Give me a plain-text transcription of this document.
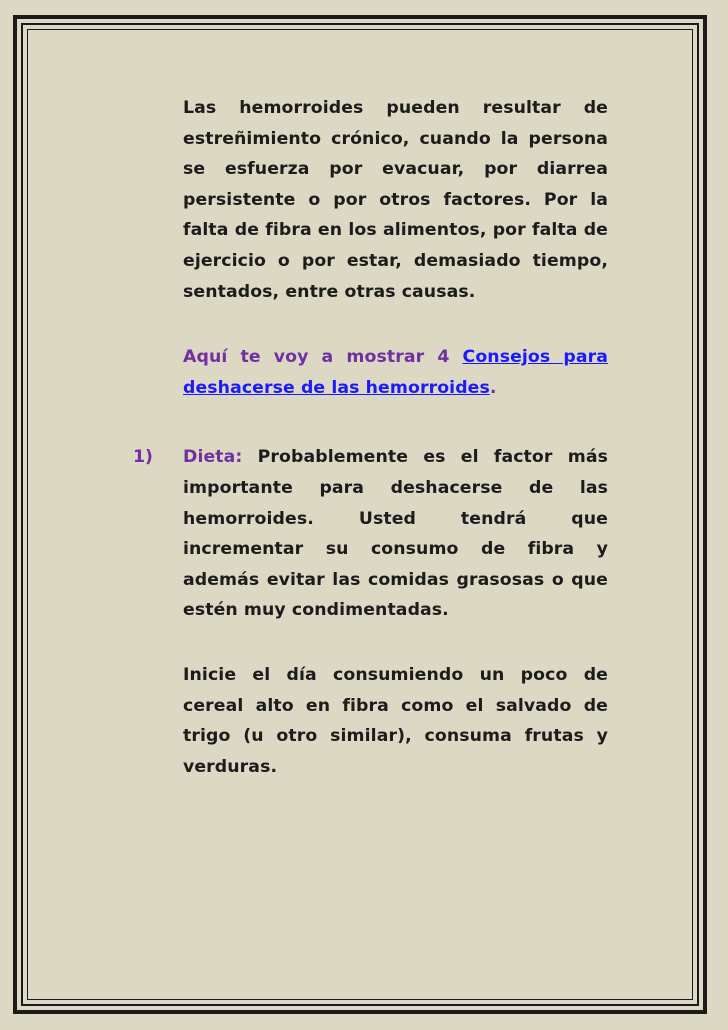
Las hemorroides pueden resultar de estreñimiento crónico, cuando la persona se esfuerza por evacuar, por diarrea persistente o por otros factores. Por la falta de fibra en los alimentos, por falta de ejercicio o por estar, demasiado tiempo, sentados, entre otras causas.

Aquí te voy a mostrar 4 Consejos para deshacerse de las hemorroides.

1) Dieta: Probablemente es el factor más importante para deshacerse de las hemorroides. Usted tendrá que incrementar su consumo de fibra y además evitar las comidas grasosas o que estén muy condimentadas.

Inicie el día consumiendo un poco de cereal alto en fibra como el salvado de trigo (u otro similar), consuma frutas y verduras.
